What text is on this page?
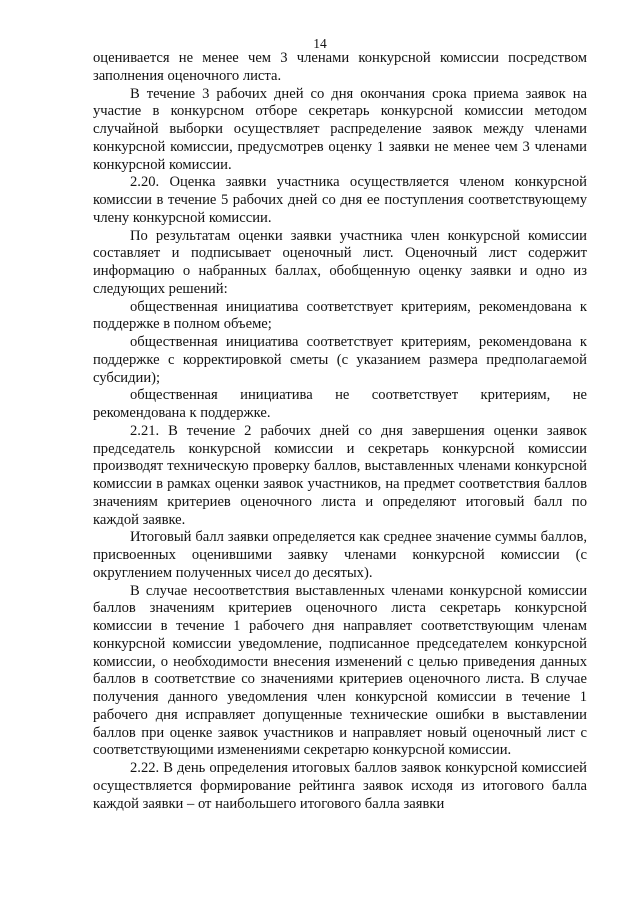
14

оценивается не менее чем 3 членами конкурсной комиссии посредством заполнения оценочного листа.

В течение 3 рабочих дней со дня окончания срока приема заявок на участие в конкурсном отборе секретарь конкурсной комиссии методом случайной выборки осуществляет распределение заявок между членами конкурсной комиссии, предусмотрев оценку 1 заявки не менее чем 3 членами конкурсной комиссии.

2.20. Оценка заявки участника осуществляется членом конкурсной комиссии в течение 5 рабочих дней со дня ее поступления соответствующему члену конкурсной комиссии.

По результатам оценки заявки участника член конкурсной комиссии составляет и подписывает оценочный лист. Оценочный лист содержит информацию о набранных баллах, обобщенную оценку заявки и одно из следующих решений:

общественная инициатива соответствует критериям, рекомендована к поддержке в полном объеме;

общественная инициатива соответствует критериям, рекомендована к поддержке с корректировкой сметы (с указанием размера предполагаемой субсидии);

общественная инициатива не соответствует критериям, не рекомендована к поддержке.

2.21. В течение 2 рабочих дней со дня завершения оценки заявок председатель конкурсной комиссии и секретарь конкурсной комиссии производят техническую проверку баллов, выставленных членами конкурсной комиссии в рамках оценки заявок участников, на предмет соответствия баллов значениям критериев оценочного листа и определяют итоговый балл по каждой заявке.

Итоговый балл заявки определяется как среднее значение суммы баллов, присвоенных оценившими заявку членами конкурсной комиссии (с округлением полученных чисел до десятых).

В случае несоответствия выставленных членами конкурсной комиссии баллов значениям критериев оценочного листа секретарь конкурсной комиссии в течение 1 рабочего дня направляет соответствующим членам конкурсной комиссии уведомление, подписанное председателем конкурсной комиссии, о необходимости внесения изменений с целью приведения данных баллов в соответствие со значениями критериев оценочного листа. В случае получения данного уведомления член конкурсной комиссии в течение 1 рабочего дня исправляет допущенные технические ошибки в выставлении баллов при оценке заявок участников и направляет новый оценочный лист с соответствующими изменениями секретарю конкурсной комиссии.

2.22. В день определения итоговых баллов заявок конкурсной комиссией осуществляется формирование рейтинга заявок исходя из итогового балла каждой заявки – от наибольшего итогового балла заявки
